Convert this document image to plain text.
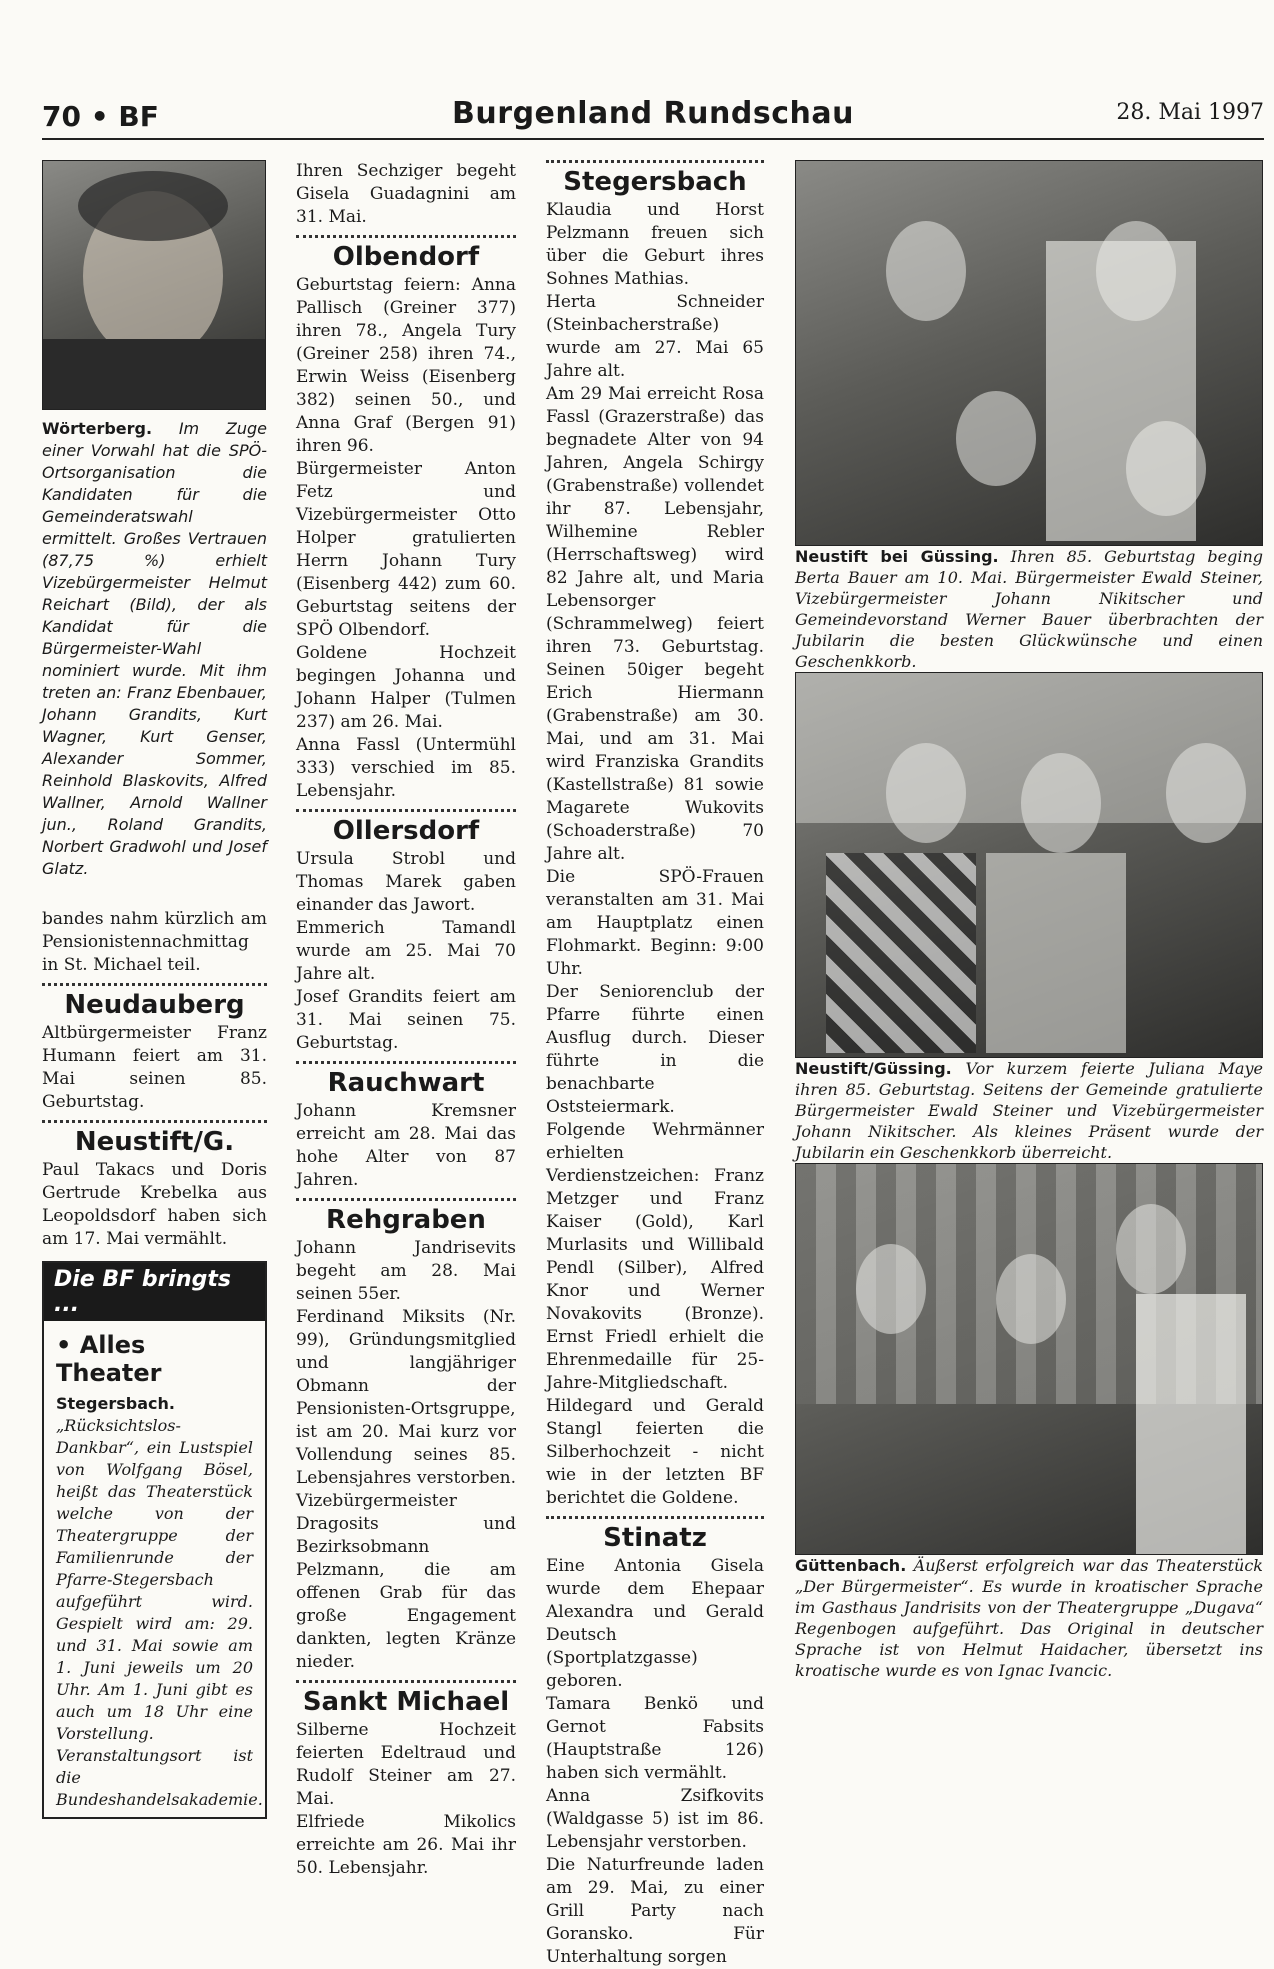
70 • BF	Burgenland Rundschau	28. Mai 1997

Wörterberg. Im Zuge einer Vorwahl hat die SPÖ-Ortsorganisation die Kandidaten für die Gemeinderatswahl ermittelt. Großes Vertrauen (87,75 %) erhielt Vizebürgermeister Helmut Reichart (Bild), der als Kandidat für die Bürgermeister-Wahl nominiert wurde. Mit ihm treten an: Franz Ebenbauer, Johann Grandits, Kurt Wagner, Kurt Genser, Alexander Sommer, Reinhold Blaskovits, Alfred Wallner, Arnold Wallner jun., Roland Grandits, Norbert Gradwohl und Josef Glatz.

bandes nahm kürzlich am Pensionistennachmittag in St. Michael teil.

Neudauberg

Altbürgermeister Franz Humann feiert am 31. Mai seinen 85. Geburtstag.

Neustift/G.

Paul Takacs und Doris Gertrude Krebelka aus Leopoldsdorf haben sich am 17. Mai vermählt.

Die BF bringts ...
• Alles Theater

Stegersbach. „Rücksichtslos-Dankbar“, ein Lustspiel von Wolfgang Bösel, heißt das Theaterstück welche von der Theatergruppe der Familienrunde der Pfarre-Stegersbach aufgeführt wird. Gespielt wird am: 29. und 31. Mai sowie am 1. Juni jeweils um 20 Uhr. Am 1. Juni gibt es auch um 18 Uhr eine Vorstellung. Veranstaltungsort ist die Bundeshandelsakademie.

Ihren Sechziger begeht Gisela Guadagnini am 31. Mai.

Olbendorf

Geburtstag feiern: Anna Pallisch (Greiner 377) ihren 78., Angela Tury (Greiner 258) ihren 74., Erwin Weiss (Eisenberg 382) seinen 50., und Anna Graf (Bergen 91) ihren 96.

Bürgermeister Anton Fetz und Vizebürgermeister Otto Holper gratulierten Herrn Johann Tury (Eisenberg 442) zum 60. Geburtstag seitens der SPÖ Olbendorf.

Goldene Hochzeit begingen Johanna und Johann Halper (Tulmen 237) am 26. Mai.

Anna Fassl (Untermühl 333) verschied im 85. Lebensjahr.

Ollersdorf

Ursula Strobl und Thomas Marek gaben einander das Jawort.

Emmerich Tamandl wurde am 25. Mai 70 Jahre alt.

Josef Grandits feiert am 31. Mai seinen 75. Geburtstag.

Rauchwart

Johann Kremsner erreicht am 28. Mai das hohe Alter von 87 Jahren.

Rehgraben

Johann Jandrisevits begeht am 28. Mai seinen 55er.

Ferdinand Miksits (Nr. 99), Gründungsmitglied und langjähriger Obmann der Pensionisten-Ortsgruppe, ist am 20. Mai kurz vor Vollendung seines 85. Lebensjahres verstorben. Vizebürgermeister Dragosits und Bezirksobmann Pelzmann, die am offenen Grab für das große Engagement dankten, legten Kränze nieder.

Sankt Michael

Silberne Hochzeit feierten Edeltraud und Rudolf Steiner am 27. Mai.

Elfriede Mikolics erreichte am 26. Mai ihr 50. Lebensjahr.

Stegersbach

Klaudia und Horst Pelzmann freuen sich über die Geburt ihres Sohnes Mathias.

Herta Schneider (Steinbacherstraße) wurde am 27. Mai 65 Jahre alt.

Am 29 Mai erreicht Rosa Fassl (Grazerstraße) das begnadete Alter von 94 Jahren, Angela Schirgy (Grabenstraße) vollendet ihr 87. Lebensjahr, Wilhemine Rebler (Herrschaftsweg) wird 82 Jahre alt, und Maria Lebensorger (Schrammelweg) feiert ihren 73. Geburtstag. Seinen 50iger begeht Erich Hiermann (Grabenstraße) am 30. Mai, und am 31. Mai wird Franziska Grandits (Kastellstraße) 81 sowie Magarete Wukovits (Schoaderstraße) 70 Jahre alt.

Die SPÖ-Frauen veranstalten am 31. Mai am Hauptplatz einen Flohmarkt. Beginn: 9:00 Uhr.

Der Seniorenclub der Pfarre führte einen Ausflug durch. Dieser führte in die benachbarte Oststeiermark.

Folgende Wehrmänner erhielten Verdienstzeichen: Franz Metzger und Franz Kaiser (Gold), Karl Murlasits und Willibald Pendl (Silber), Alfred Knor und Werner Novakovits (Bronze). Ernst Friedl erhielt die Ehrenmedaille für 25-Jahre-Mitgliedschaft.

Hildegard und Gerald Stangl feierten die Silberhochzeit - nicht wie in der letzten BF berichtet die Goldene.

Stinatz

Eine Antonia Gisela wurde dem Ehepaar Alexandra und Gerald Deutsch (Sportplatzgasse) geboren.

Tamara Benkö und Gernot Fabsits (Hauptstraße 126) haben sich vermählt.

Anna Zsifkovits (Waldgasse 5) ist im 86. Lebensjahr verstorben.

Die Naturfreunde laden am 29. Mai, zu einer Grill Party nach Goransko. Für Unterhaltung sorgen

Neustift bei Güssing. Ihren 85. Geburtstag beging Berta Bauer am 10. Mai. Bürgermeister Ewald Steiner, Vizebürgermeister Johann Nikitscher und Gemeindevorstand Werner Bauer überbrachten der Jubilarin die besten Glückwünsche und einen Geschenkkorb.

Neustift/Güssing. Vor kurzem feierte Juliana Maye ihren 85. Geburtstag. Seitens der Gemeinde gratulierte Bürgermeister Ewald Steiner und Vizebürgermeister Johann Nikitscher. Als kleines Präsent wurde der Jubilarin ein Geschenkkorb überreicht.

Güttenbach. Äußerst erfolgreich war das Theaterstück „Der Bürgermeister“. Es wurde in kroatischer Sprache im Gasthaus Jandrisits von der Theatergruppe „Dugava“ Regenbogen aufgeführt. Das Original in deutscher Sprache ist von Helmut Haidacher, übersetzt ins kroatische wurde es von Ignac Ivancic.
